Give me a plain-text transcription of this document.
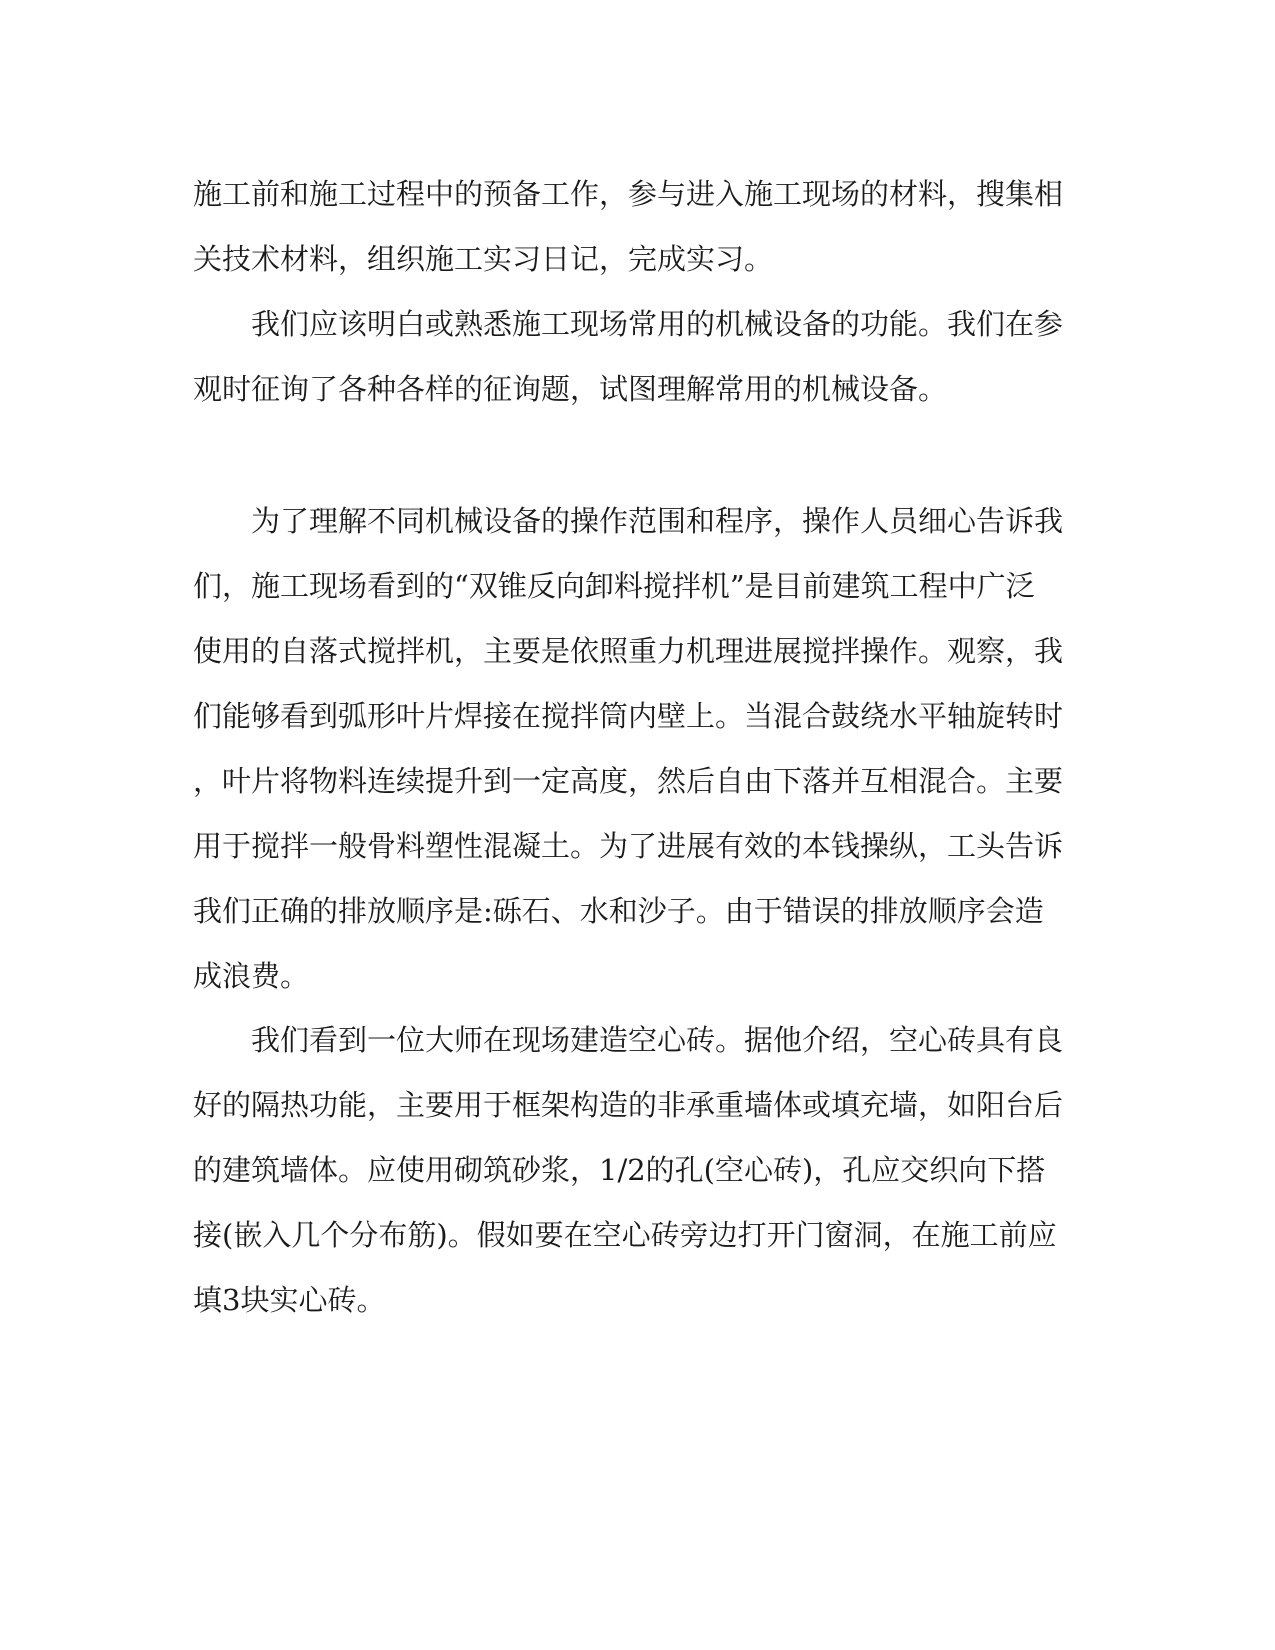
施工前和施工过程中的预备工作，参与进入施工现场的材料，搜集相
关技术材料，组织施工实习日记，完成实习。
我们应该明白或熟悉施工现场常用的机械设备的功能。我们在参
观时征询了各种各样的征询题，试图理解常用的机械设备。
为了理解不同机械设备的操作范围和程序，操作人员细心告诉我
们，施工现场看到的“双锥反向卸料搅拌机”是目前建筑工程中广泛
使用的自落式搅拌机，主要是依照重力机理进展搅拌操作。观察，我
们能够看到弧形叶片焊接在搅拌筒内壁上。当混合鼓绕水平轴旋转时
，叶片将物料连续提升到一定高度，然后自由下落并互相混合。主要
用于搅拌一般骨料塑性混凝土。为了进展有效的本钱操纵，工头告诉
我们正确的排放顺序是:砾石、水和沙子。由于错误的排放顺序会造
成浪费。
我们看到一位大师在现场建造空心砖。据他介绍，空心砖具有良
好的隔热功能，主要用于框架构造的非承重墙体或填充墙，如阳台后
的建筑墙体。应使用砌筑砂浆，1/2的孔(空心砖)，孔应交织向下搭
接(嵌入几个分布筋)。假如要在空心砖旁边打开门窗洞，在施工前应
填3块实心砖。
